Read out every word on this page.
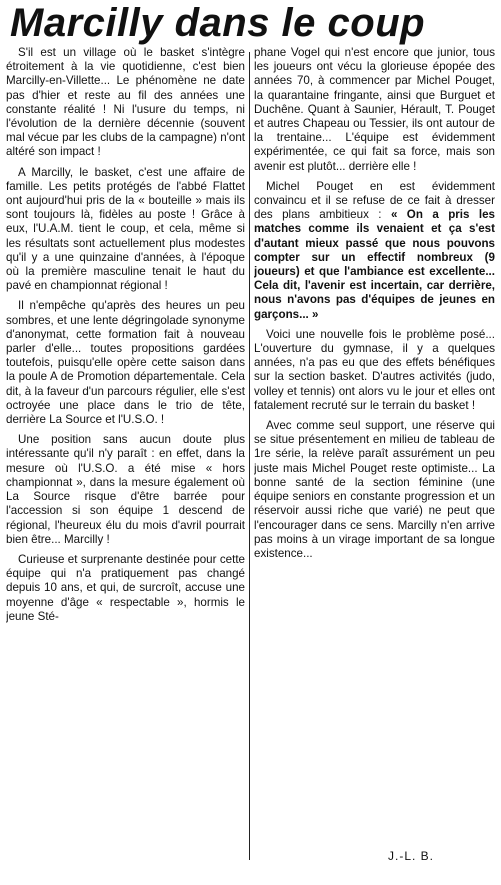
Marcilly dans le coup

S'il est un village où le basket s'intègre étroitement à la vie quotidienne, c'est bien Marcilly-en-Villette... Le phénomène ne date pas d'hier et reste au fil des années une constante réalité ! Ni l'usure du temps, ni l'évolution de la dernière décennie (souvent mal vécue par les clubs de la campagne) n'ont altéré son impact !

A Marcilly, le basket, c'est une affaire de famille. Les petits protégés de l'abbé Flattet ont aujourd'hui pris de la « bouteille » mais ils sont toujours là, fidèles au poste ! Grâce à eux, l'U.A.M. tient le coup, et cela, même si les résultats sont actuellement plus modestes qu'il y a une quinzaine d'années, à l'époque où la première masculine tenait le haut du pavé en championnat régional !

Il n'empêche qu'après des heures un peu sombres, et une lente dégringolade synonyme d'anonymat, cette formation fait à nouveau parler d'elle... toutes propositions gardées toutefois, puisqu'elle opère cette saison dans la poule A de Promotion départementale. Cela dit, à la faveur d'un parcours régulier, elle s'est octroyée une place dans le trio de tête, derrière La Source et l'U.S.O. !

Une position sans aucun doute plus intéressante qu'il n'y paraît : en effet, dans la mesure où l'U.S.O. a été mise « hors championnat », dans la mesure également où La Source risque d'être barrée pour l'accession si son équipe 1 descend de régional, l'heureux élu du mois d'avril pourrait bien être... Marcilly !

Curieuse et surprenante destinée pour cette équipe qui n'a pratiquement pas changé depuis 10 ans, et qui, de surcroît, accuse une moyenne d'âge « respectable », hormis le jeune Sté-

phane Vogel qui n'est encore que junior, tous les joueurs ont vécu la glorieuse épopée des années 70, à commencer par Michel Pouget, la quarantaine fringante, ainsi que Burguet et Duchêne. Quant à Saunier, Hérault, T. Pouget et autres Chapeau ou Tessier, ils ont autour de la trentaine... L'équipe est évidemment expérimentée, ce qui fait sa force, mais son avenir est plutôt... derrière elle !

Michel Pouget en est évidemment convaincu et il se refuse de ce fait à dresser des plans ambitieux : « On a pris les matches comme ils venaient et ça s'est d'autant mieux passé que nous pouvons compter sur un effectif nombreux (9 joueurs) et que l'ambiance est excellente... Cela dit, l'avenir est incertain, car derrière, nous n'avons pas d'équipes de jeunes en garçons... »

Voici une nouvelle fois le problème posé... L'ouverture du gymnase, il y a quelques années, n'a pas eu que des effets bénéfiques sur la section basket. D'autres activités (judo, volley et tennis) ont alors vu le jour et elles ont fatalement recruté sur le terrain du basket !

Avec comme seul support, une réserve qui se situe présentement en milieu de tableau de 1re série, la relève paraît assurément un peu juste mais Michel Pouget reste optimiste... La bonne santé de la section féminine (une équipe seniors en constante progression et un réservoir aussi riche que varié) ne peut que l'encourager dans ce sens. Marcilly n'en arrive pas moins à un virage important de sa longue existence...

J.-L. B.
